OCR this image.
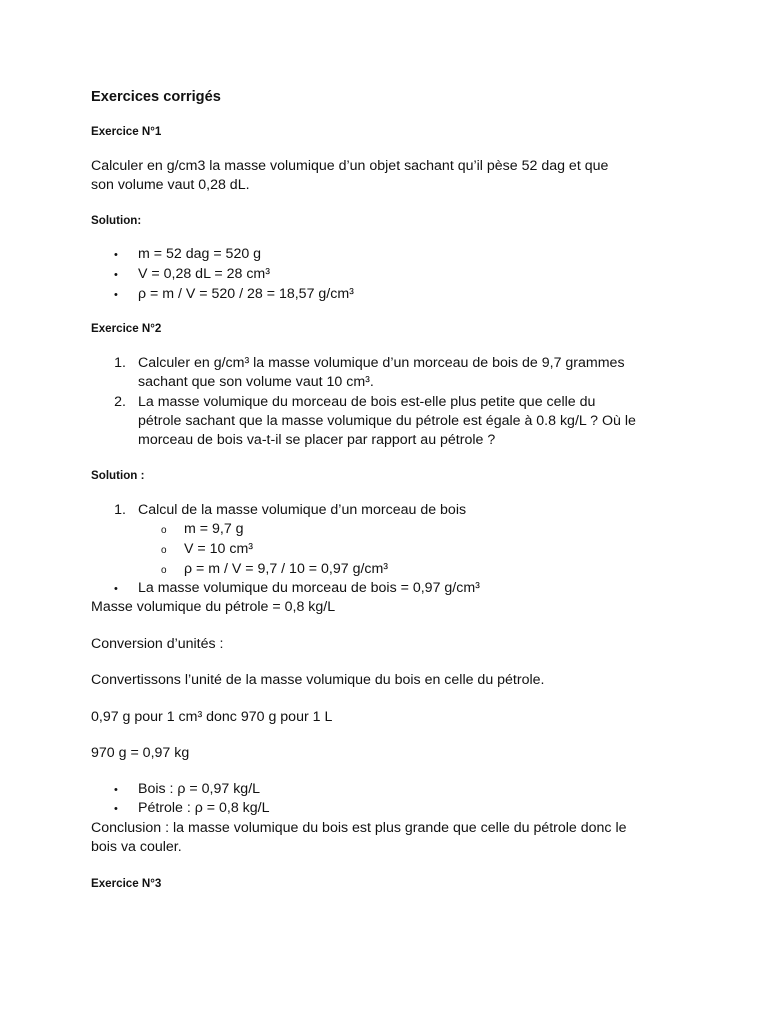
Exercices corrigés
Exercice N°1
Calculer en g/cm3 la masse volumique d’un objet sachant qu’il pèse 52 dag et que
son volume vaut 0,28 dL.
Solution:
• m = 52 dag = 520 g
• V = 0,28 dL = 28 cm³
• ρ = m / V = 520 / 28 = 18,57 g/cm³
Exercice N°2
1. Calculer en g/cm³ la masse volumique d’un morceau de bois de 9,7 grammes
sachant que son volume vaut 10 cm³.
2. La masse volumique du morceau de bois est-elle plus petite que celle du
pétrole sachant que la masse volumique du pétrole est égale à 0.8 kg/L ? Où le
morceau de bois va-t-il se placer par rapport au pétrole ?
Solution :
1. Calcul de la masse volumique d’un morceau de bois
o m = 9,7 g
o V = 10 cm³
o ρ = m / V = 9,7 / 10 = 0,97 g/cm³
• La masse volumique du morceau de bois = 0,97 g/cm³
Masse volumique du pétrole = 0,8 kg/L
Conversion d’unités :
Convertissons l’unité de la masse volumique du bois en celle du pétrole.
0,97 g pour 1 cm³ donc 970 g pour 1 L
970 g = 0,97 kg
• Bois : ρ = 0,97 kg/L
• Pétrole : ρ = 0,8 kg/L
Conclusion : la masse volumique du bois est plus grande que celle du pétrole donc le
bois va couler.
Exercice N°3
